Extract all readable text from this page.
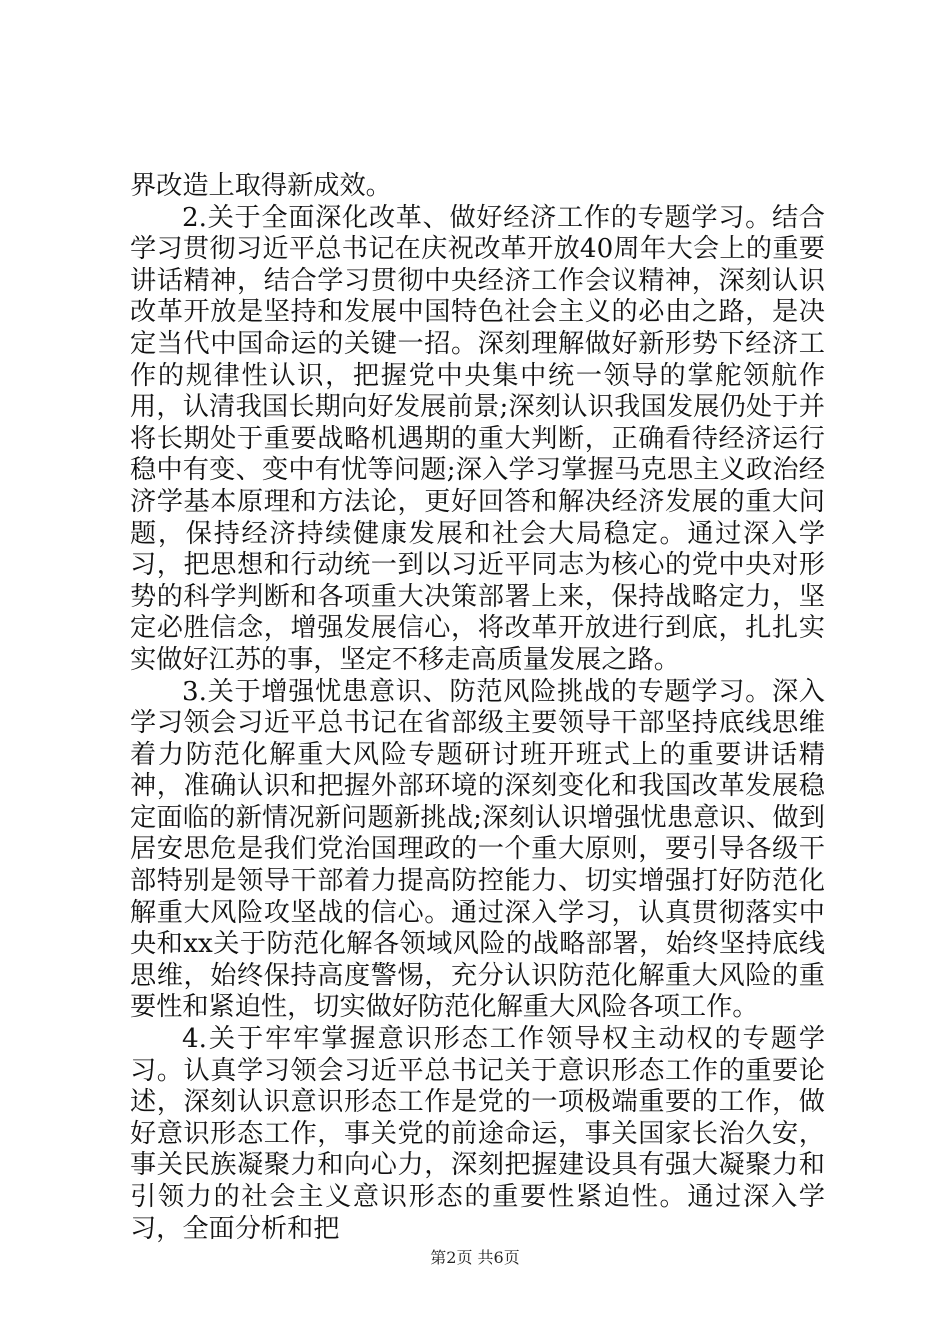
界改造上取得新成效。

2.关于全面深化改革、做好经济工作的专题学习。结合学习贯彻习近平总书记在庆祝改革开放40周年大会上的重要讲话精神，结合学习贯彻中央经济工作会议精神，深刻认识改革开放是坚持和发展中国特色社会主义的必由之路，是决定当代中国命运的关键一招。深刻理解做好新形势下经济工作的规律性认识，把握党中央集中统一领导的掌舵领航作用，认清我国长期向好发展前景;深刻认识我国发展仍处于并将长期处于重要战略机遇期的重大判断，正确看待经济运行稳中有变、变中有忧等问题;深入学习掌握马克思主义政治经济学基本原理和方法论，更好回答和解决经济发展的重大问题，保持经济持续健康发展和社会大局稳定。通过深入学习，把思想和行动统一到以习近平同志为核心的党中央对形势的科学判断和各项重大决策部署上来，保持战略定力，坚定必胜信念，增强发展信心，将改革开放进行到底，扎扎实实做好江苏的事，坚定不移走高质量发展之路。

3.关于增强忧患意识、防范风险挑战的专题学习。深入学习领会习近平总书记在省部级主要领导干部坚持底线思维着力防范化解重大风险专题研讨班开班式上的重要讲话精神，准确认识和把握外部环境的深刻变化和我国改革发展稳定面临的新情况新问题新挑战;深刻认识增强忧患意识、做到居安思危是我们党治国理政的一个重大原则，要引导各级干部特别是领导干部着力提高防控能力、切实增强打好防范化解重大风险攻坚战的信心。通过深入学习，认真贯彻落实中央和xx关于防范化解各领域风险的战略部署，始终坚持底线思维，始终保持高度警惕，充分认识防范化解重大风险的重要性和紧迫性，切实做好防范化解重大风险各项工作。

4.关于牢牢掌握意识形态工作领导权主动权的专题学习。认真学习领会习近平总书记关于意识形态工作的重要论述，深刻认识意识形态工作是党的一项极端重要的工作，做好意识形态工作，事关党的前途命运，事关国家长治久安，事关民族凝聚力和向心力，深刻把握建设具有强大凝聚力和引领力的社会主义意识形态的重要性紧迫性。通过深入学习，全面分析和把

第2页 共6页
